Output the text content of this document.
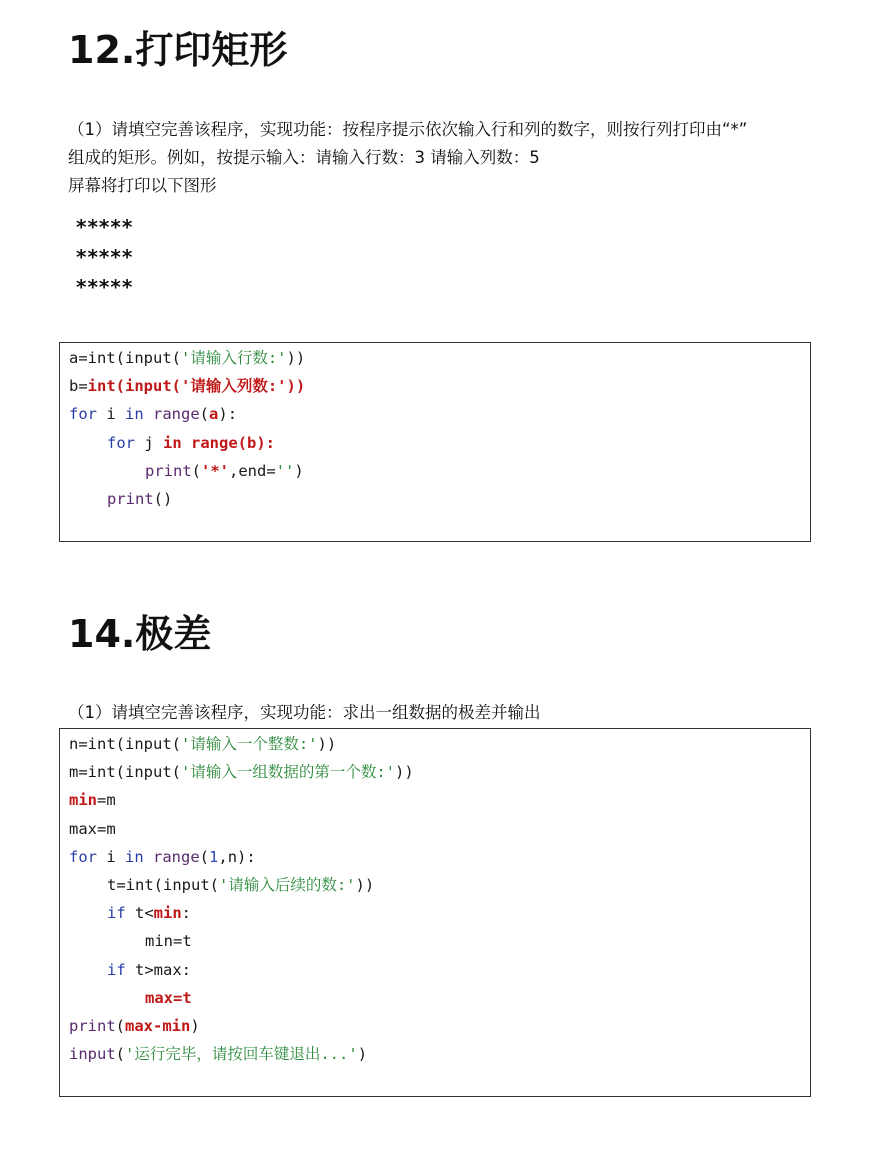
12.打印矩形

（1）请填空完善该程序，实现功能：按程序提示依次输入行和列的数字，则按行列打印由“*”

组成的矩形。例如，按提示输入：请输入行数：3 请输入列数：5

屏幕将打印以下图形

*****
*****
*****
a=int(input('请输入行数:'))
b=int(input('请输入列数:'))
for i in range(a):
for j in range(b):
print('*',end='')
print()
14.极差

（1）请填空完善该程序，实现功能：求出一组数据的极差并输出

n=int(input('请输入一个整数:'))
m=int(input('请输入一组数据的第一个数:'))
min=m
max=m
for i in range(1,n):
t=int(input('请输入后续的数:'))
if t<min:
min=t
if t>max:
max=t
print(max-min)
input('运行完毕，请按回车键退出...')
